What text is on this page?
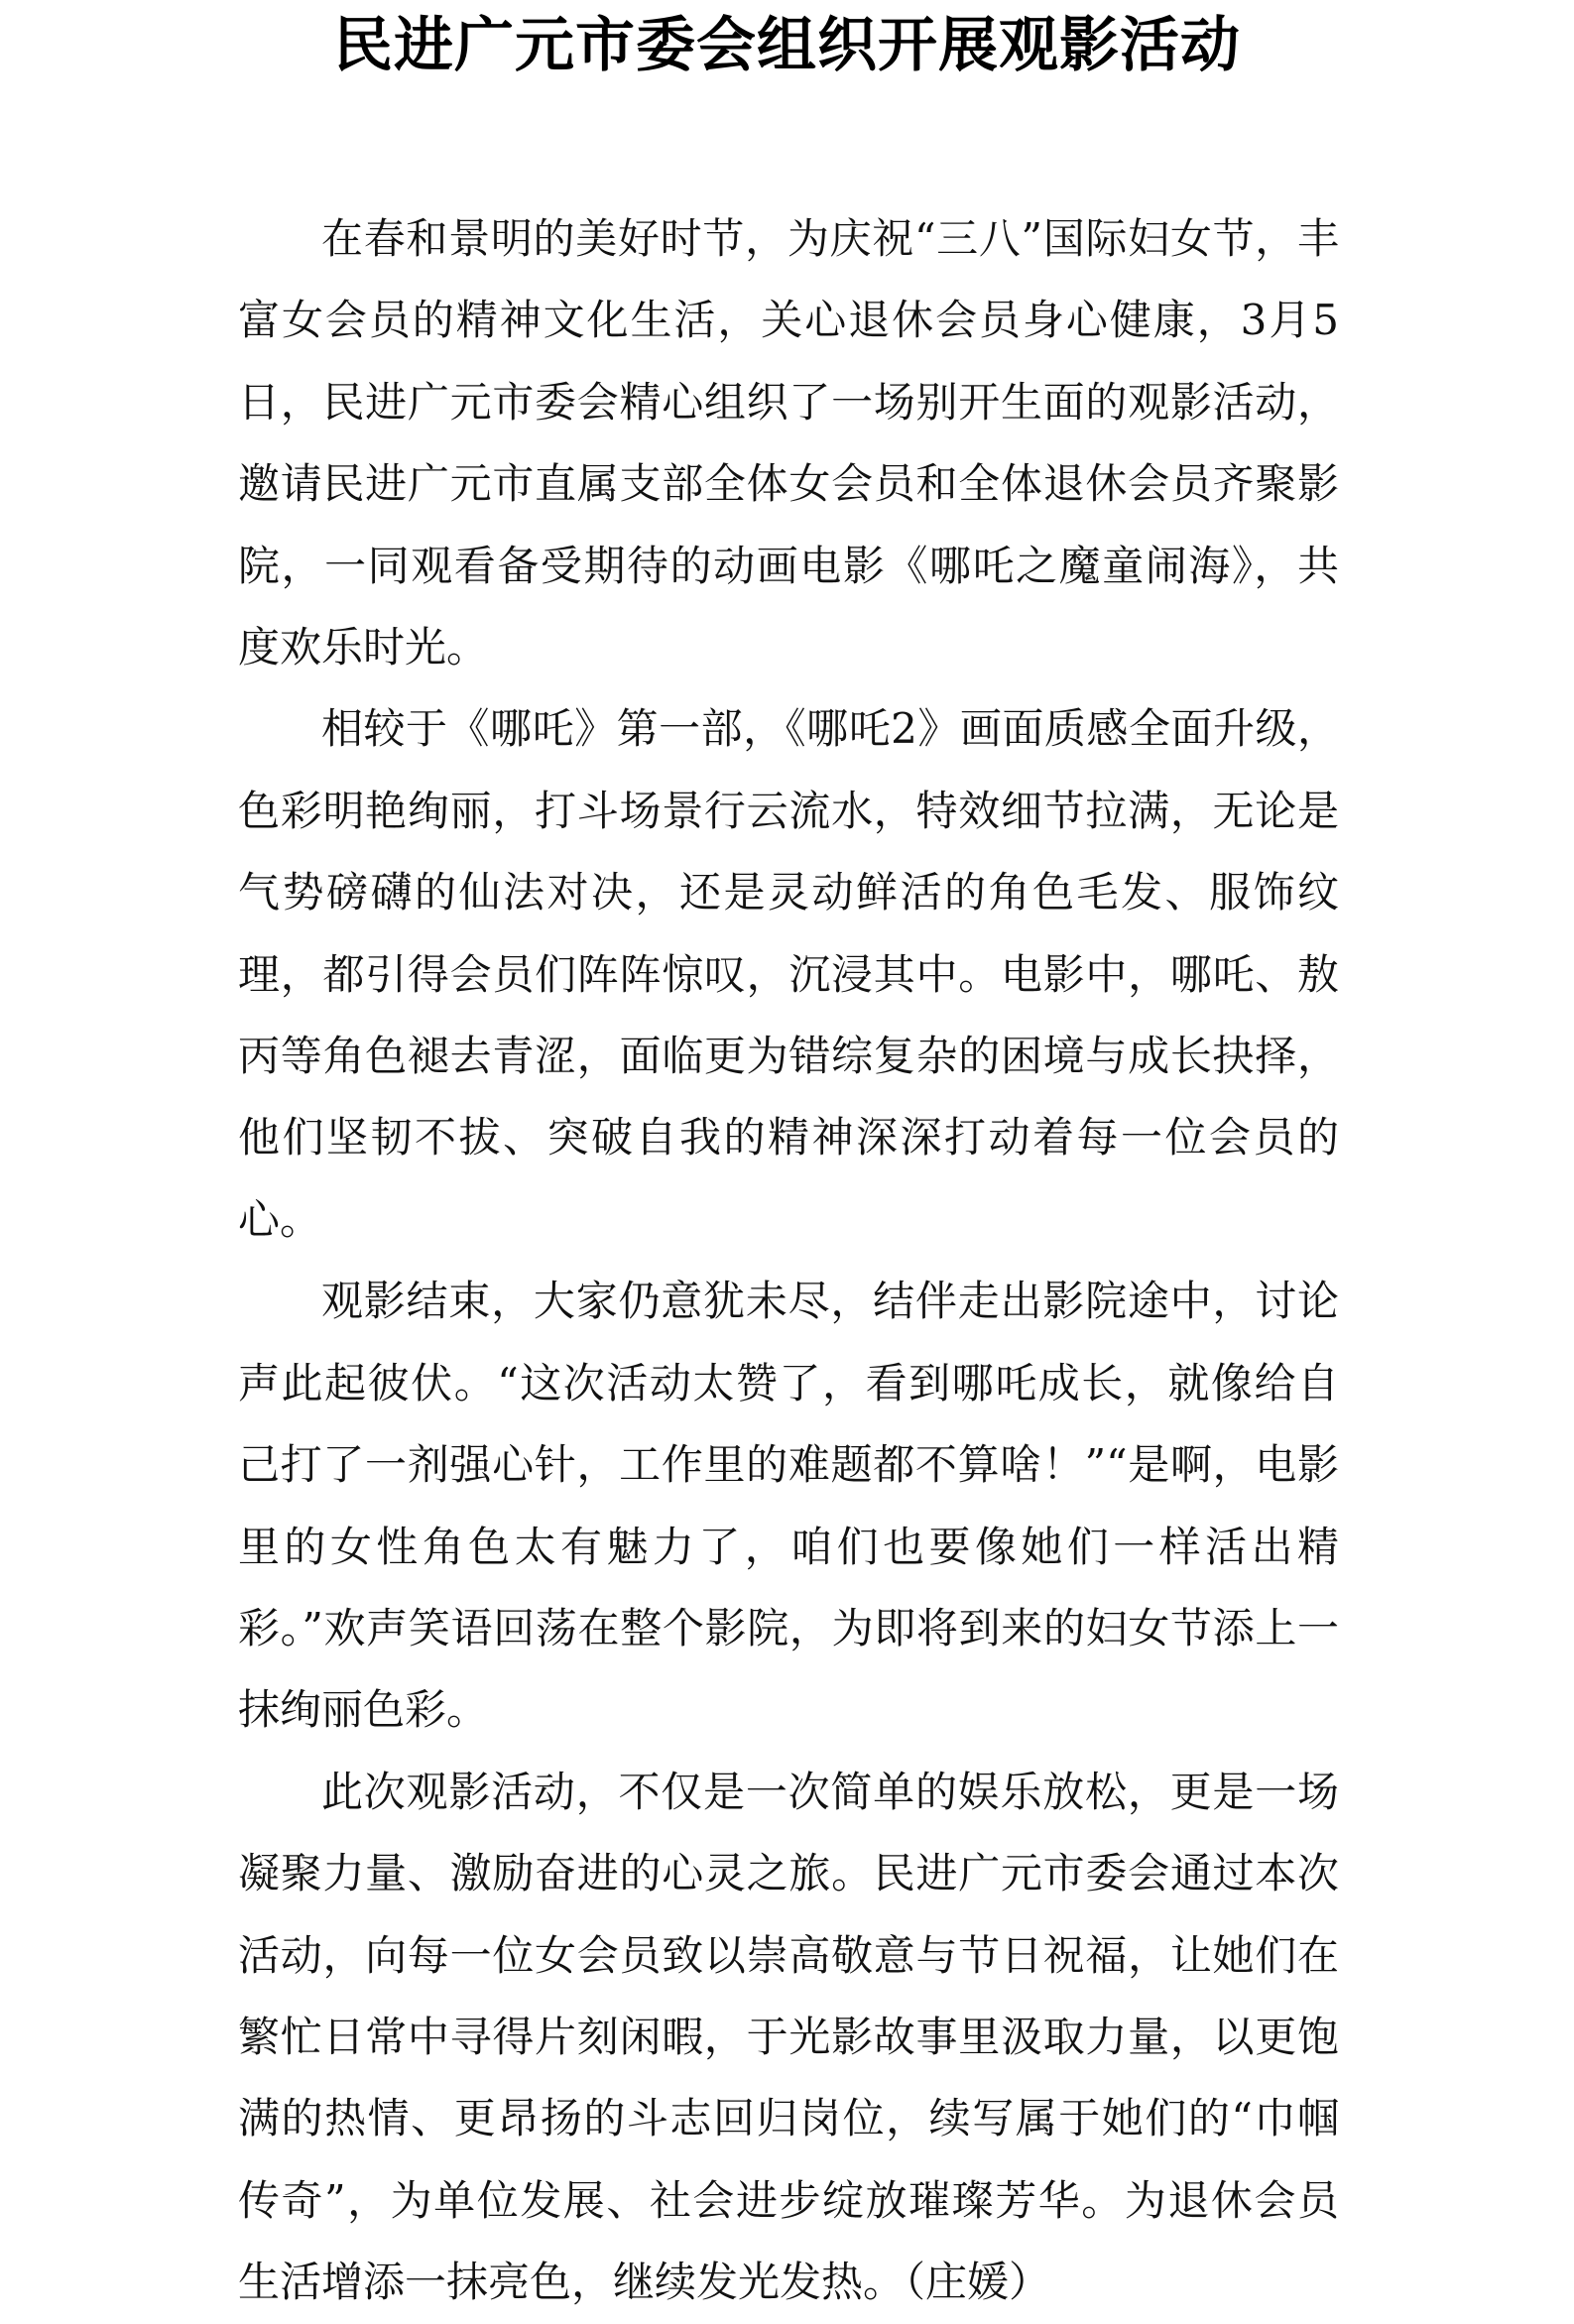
民进广元市委会组织开展观影活动

在春和景明的美好时节，为庆祝“三八”国际妇女节，丰富女会员的精神文化生活，关心退休会员身心健康，3月5日，民进广元市委会精心组织了一场别开生面的观影活动，邀请民进广元市直属支部全体女会员和全体退休会员齐聚影院，一同观看备受期待的动画电影《哪吒之魔童闹海》，共度欢乐时光。

相较于《哪吒》第一部，《哪吒2》画面质感全面升级，色彩明艳绚丽，打斗场景行云流水，特效细节拉满，无论是气势磅礴的仙法对决，还是灵动鲜活的角色毛发、服饰纹理，都引得会员们阵阵惊叹，沉浸其中。电影中，哪吒、敖丙等角色褪去青涩，面临更为错综复杂的困境与成长抉择，他们坚韧不拔、突破自我的精神深深打动着每一位会员的心。

观影结束，大家仍意犹未尽，结伴走出影院途中，讨论声此起彼伏。“这次活动太赞了，看到哪吒成长，就像给自己打了一剂强心针，工作里的难题都不算啥！”“是啊，电影里的女性角色太有魅力了，咱们也要像她们一样活出精彩。”欢声笑语回荡在整个影院，为即将到来的妇女节添上一抹绚丽色彩。

此次观影活动，不仅是一次简单的娱乐放松，更是一场凝聚力量、激励奋进的心灵之旅。民进广元市委会通过本次活动，向每一位女会员致以崇高敬意与节日祝福，让她们在繁忙日常中寻得片刻闲暇，于光影故事里汲取力量，以更饱满的热情、更昂扬的斗志回归岗位，续写属于她们的“巾帼传奇”，为单位发展、社会进步绽放璀璨芳华。为退休会员生活增添一抹亮色，继续发光发热。（庄媛）
